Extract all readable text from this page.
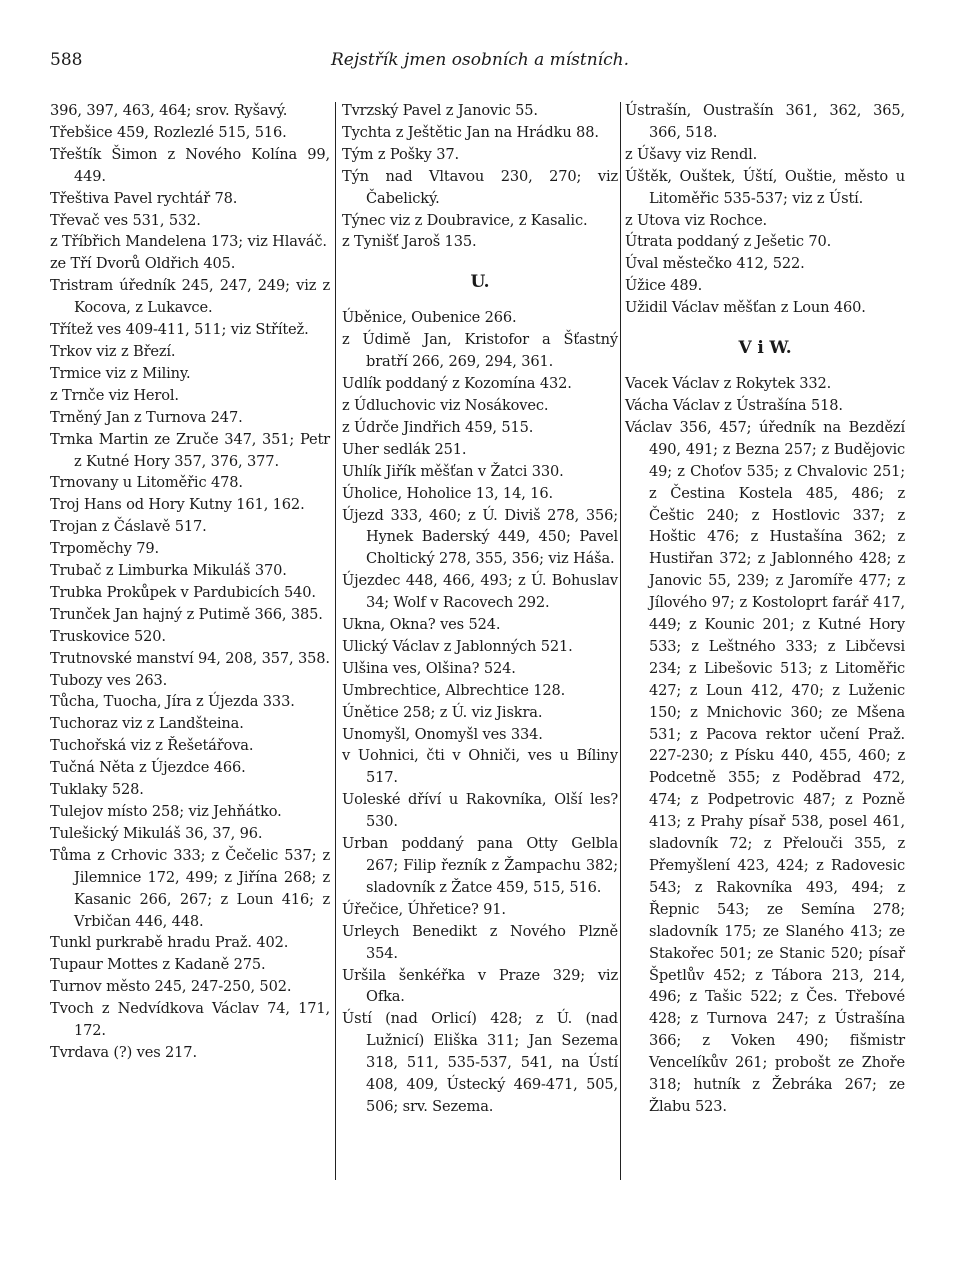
588	Rejstřík jmen osobních a místních.

396, 397, 463, 464; srov. Ryšavý.

Třebšice 459, Rozlezlé 515, 516.

Třeštík Šimon z Nového Kolína 99, 449.

Třeštiva Pavel rychtář 78.

Třevač ves 531, 532.

z Tříbřich Mandelena 173; viz Hlaváč.

ze Tří Dvorů Oldřich 405.

Tristram úředník 245, 247, 249; viz z Kocova, z Lukavce.

Třítež ves 409-411, 511; viz Střítež.

Trkov viz z Březí.

Trmice viz z Miliny.

z Trnče viz Herol.

Trněný Jan z Turnova 247.

Trnka Martin ze Zruče 347, 351; Petr z Kutné Hory 357, 376, 377.

Trnovany u Litoměřic 478.

Troj Hans od Hory Kutny 161, 162.

Trojan z Čáslavě 517.

Trpoměchy 79.

Trubač z Limburka Mikuláš 370.

Trubka Prokůpek v Pardubicích 540.

Trunček Jan hajný z Putimě 366, 385.

Truskovice 520.

Trutnovské manství 94, 208, 357, 358.

Tubozy ves 263.

Tůcha, Tuocha, Jíra z Újezda 333.

Tuchoraz viz z Landšteina.

Tuchořská viz z Řešetářova.

Tučná Něta z Újezdce 466.

Tuklaky 528.

Tulejov místo 258; viz Jehňátko.

Tulešický Mikuláš 36, 37, 96.

Tůma z Crhovic 333; z Čečelic 537; z Jilemnice 172, 499; z Jiřína 268; z Kasanic 266, 267; z Loun 416; z Vrbičan 446, 448.

Tunkl purkrabě hradu Praž. 402.

Tupaur Mottes z Kadaně 275.

Turnov město 245, 247-250, 502.

Tvoch z Nedvídkova Václav 74, 171, 172.

Tvrdava (?) ves 217.

Tvrzský Pavel z Janovic 55.

Tychta z Ještětic Jan na Hrádku 88.

Tým z Pošky 37.

Týn nad Vltavou 230, 270; viz Čabelický.

Týnec viz z Doubravice, z Kasalic.

z Tynišť Jaroš 135.

U.

Úběnice, Oubenice 266.

z Údimě Jan, Kristofor a Šťastný bratří 266, 269, 294, 361.

Udlík poddaný z Kozomína 432.

z Údluchovic viz Nosákovec.

z Údrče Jindřich 459, 515.

Uher sedlák 251.

Uhlík Jiřík měšťan v Žatci 330.

Úholice, Hoholice 13, 14, 16.

Újezd 333, 460; z Ú. Diviš 278, 356; Hynek Baderský 449, 450; Pavel Choltický 278, 355, 356; viz Háša.

Újezdec 448, 466, 493; z Ú. Bohuslav 34; Wolf v Racovech 292.

Ukna, Okna? ves 524.

Ulický Václav z Jablonných 521.

Ulšina ves, Olšina? 524.

Umbrechtice, Albrechtice 128.

Únětice 258; z Ú. viz Jiskra.

Unomyšl, Onomyšl ves 334.

v Uohnici, čti v Ohniči, ves u Bíliny 517.

Uoleské dříví u Rakovníka, Olší les? 530.

Urban poddaný pana Otty Gelbla 267; Filip řezník z Žampachu 382; sladovník z Žatce 459, 515, 516.

Úřečice, Úhřetice? 91.

Urleych Benedikt z Nového Plzně 354.

Uršila šenkéřka v Praze 329; viz Ofka.

Ústí (nad Orlicí) 428; z Ú. (nad Lužnicí) Eliška 311; Jan Sezema 318, 511, 535-537, 541, na Ústí 408, 409, Ústecký 469-471, 505, 506; srv. Sezema.

Ústrašín, Oustrašín 361, 362, 365, 366, 518.

z Úšavy viz Rendl.

Úštěk, Ouštek, Úští, Ouštie, město u Litoměřic 535-537; viz z Ústí.

z Utova viz Rochce.

Útrata poddaný z Ješetic 70.

Úval městečko 412, 522.

Úžice 489.

Užidil Václav měšťan z Loun 460.

V i W.

Vacek Václav z Rokytek 332.

Vácha Václav z Ústrašína 518.

Václav 356, 457; úředník na Bezdězí 490, 491; z Bezna 257; z Budějovic 49; z Choťov 535; z Chvalovic 251; z Čestina Kostela 485, 486; z Češtic 240; z Hostlovic 337; z Hoštic 476; z Hustašína 362; z Hustiřan 372; z Jablonného 428; z Janovic 55, 239; z Jaromíře 477; z Jílového 97; z Kostoloprt farář 417, 449; z Kounic 201; z Kutné Hory 533; z Leštného 333; z Libčevsi 234; z Libešovic 513; z Litoměřic 427; z Loun 412, 470; z Luženic 150; z Mnichovic 360; ze Mšena 531; z Pacova rektor učení Praž. 227-230; z Písku 440, 455, 460; z Podcetně 355; z Poděbrad 472, 474; z Podpetrovic 487; z Pozně 413; z Prahy písař 538, posel 461, sladovník 72; z Přelouči 355, z Přemyšlení 423, 424; z Radovesic 543; z Rakovníka 493, 494; z Řepnic 543; ze Semína 278; sladovník 175; ze Slaného 413; ze Stakořec 501; ze Stanic 520; písař Špetlův 452; z Tábora 213, 214, 496; z Tašic 522; z Čes. Třebové 428; z Turnova 247; z Ústrašína 366; z Voken 490; fišmistr Vencelíkův 261; probošt ze Zhoře 318; hutník z Žebráka 267; ze Žlabu 523.
